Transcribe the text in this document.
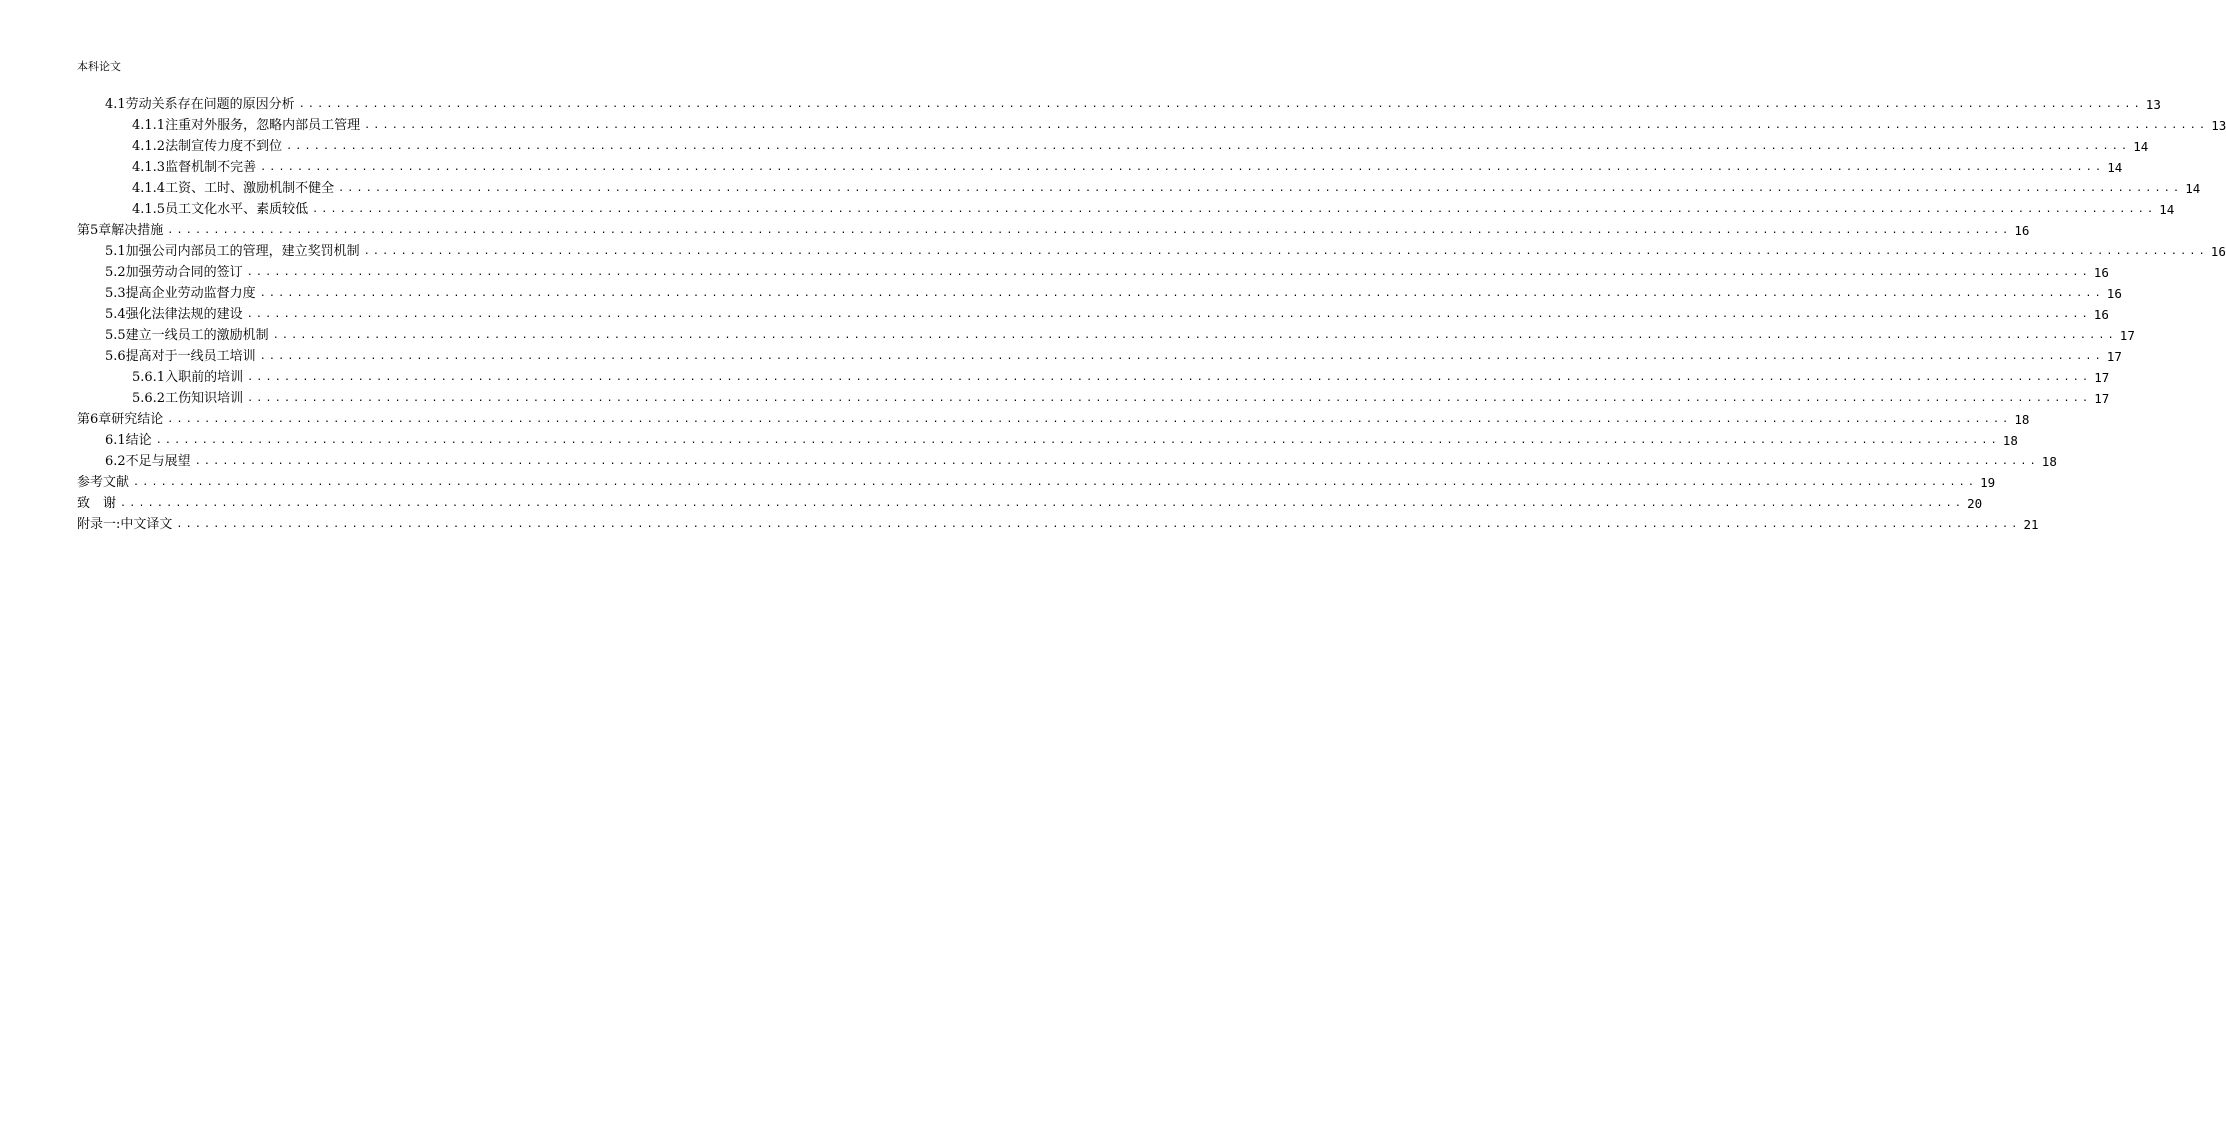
本科论文
4.1劳动关系存在问题的原因分析 ........................................................................................................................................................................................................ 13
4.1.1注重对外服务，忽略内部员工管理 ........................................................................................................................................................................................................ 13
4.1.2法制宣传力度不到位 ........................................................................................................................................................................................................ 14
4.1.3监督机制不完善 ........................................................................................................................................................................................................ 14
4.1.4工资、工时、激励机制不健全 ........................................................................................................................................................................................................ 14
4.1.5员工文化水平、素质较低 ........................................................................................................................................................................................................ 14
第5章解决措施 ........................................................................................................................................................................................................ 16
5.1加强公司内部员工的管理，建立奖罚机制 ........................................................................................................................................................................................................ 16
5.2加强劳动合同的签订 ........................................................................................................................................................................................................ 16
5.3提高企业劳动监督力度 ........................................................................................................................................................................................................ 16
5.4强化法律法规的建设 ........................................................................................................................................................................................................ 16
5.5建立一线员工的激励机制 ........................................................................................................................................................................................................ 17
5.6提高对于一线员工培训 ........................................................................................................................................................................................................ 17
5.6.1入职前的培训 ........................................................................................................................................................................................................ 17
5.6.2工伤知识培训 ........................................................................................................................................................................................................ 17
第6章研究结论 ........................................................................................................................................................................................................ 18
6.1结论 ........................................................................................................................................................................................................ 18
6.2不足与展望 ........................................................................................................................................................................................................ 18
参考文献 ........................................................................................................................................................................................................ 19
致　谢 ........................................................................................................................................................................................................ 20
附录一:中文译文 ........................................................................................................................................................................................................ 21
